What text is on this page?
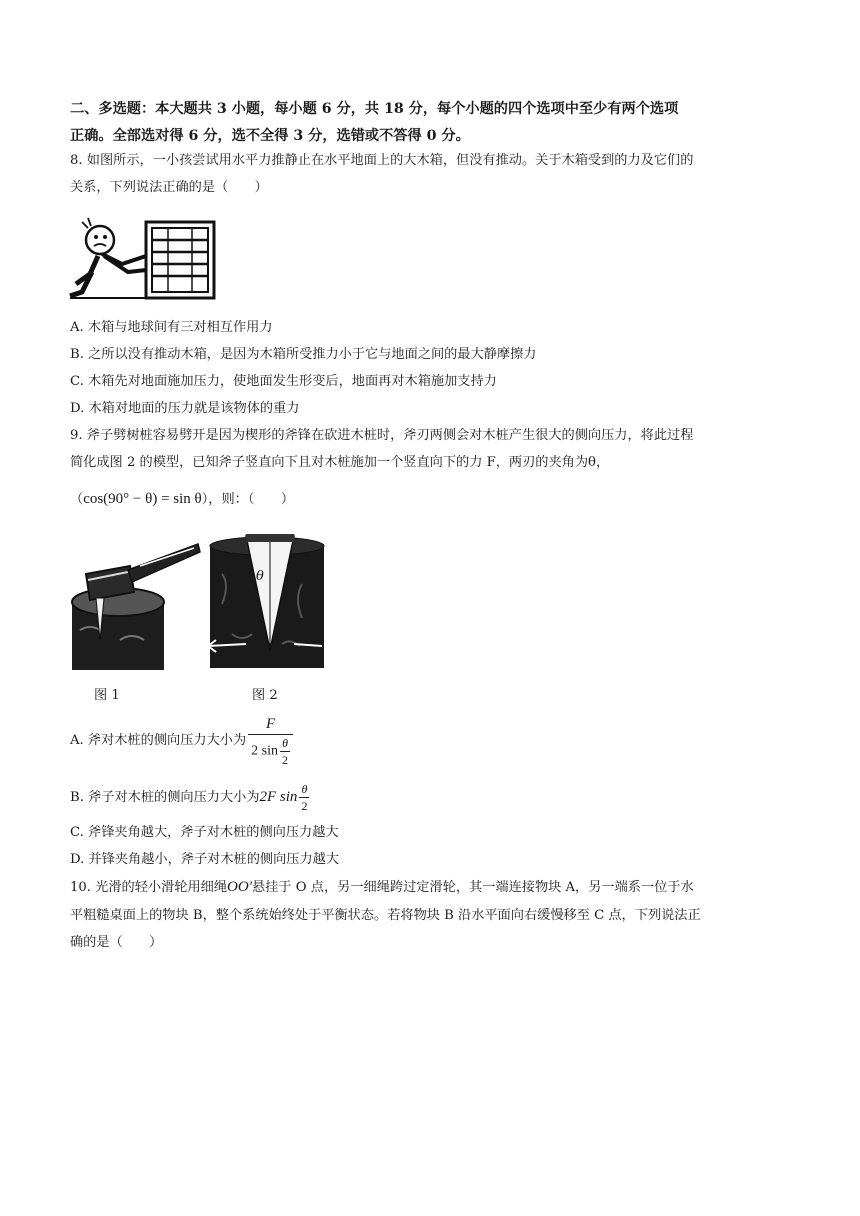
二、多选题：本大题共 3 小题，每小题 6 分，共 18 分，每个小题的四个选项中至少有两个选项
正确。全部选对得 6 分，选不全得 3 分，选错或不答得 0 分。
8. 如图所示，一小孩尝试用水平力推静止在水平地面上的大木箱，但没有推动。关于木箱受到的力及它们的
关系，下列说法正确的是（　　）
A. 木箱与地球间有三对相互作用力
B. 之所以没有推动木箱，是因为木箱所受推力小于它与地面之间的最大静摩擦力
C. 木箱先对地面施加压力，使地面发生形变后，地面再对木箱施加支持力
D. 木箱对地面的压力就是该物体的重力
9. 斧子劈树桩容易劈开是因为楔形的斧锋在砍进木桩时，斧刃两侧会对木桩产生很大的侧向压力，将此过程
简化成图 2 的模型，已知斧子竖直向下且对木桩施加一个竖直向下的力 F，两刃的夹角为θ，
（cos(90° − θ) = sin θ），则：（　　）
θ
图 1	图 2
A. 斧对木桩的侧向压力大小为 $\frac{F}{2 \sin \frac{\theta}{2}}$
B. 斧子对木桩的侧向压力大小为2F $\sin \frac{\theta}{2}$
C. 斧锋夹角越大，斧子对木桩的侧向压力越大
D. 并锋夹角越小，斧子对木桩的侧向压力越大
10. 光滑的轻小滑轮用细绳OO′悬挂于 O 点，另一细绳跨过定滑轮，其一端连接物块 A，另一端系一位于水
平粗糙桌面上的物块 B，整个系统始终处于平衡状态。若将物块 B 沿水平面向右缓慢移至 C 点，下列说法正
确的是（　　）
